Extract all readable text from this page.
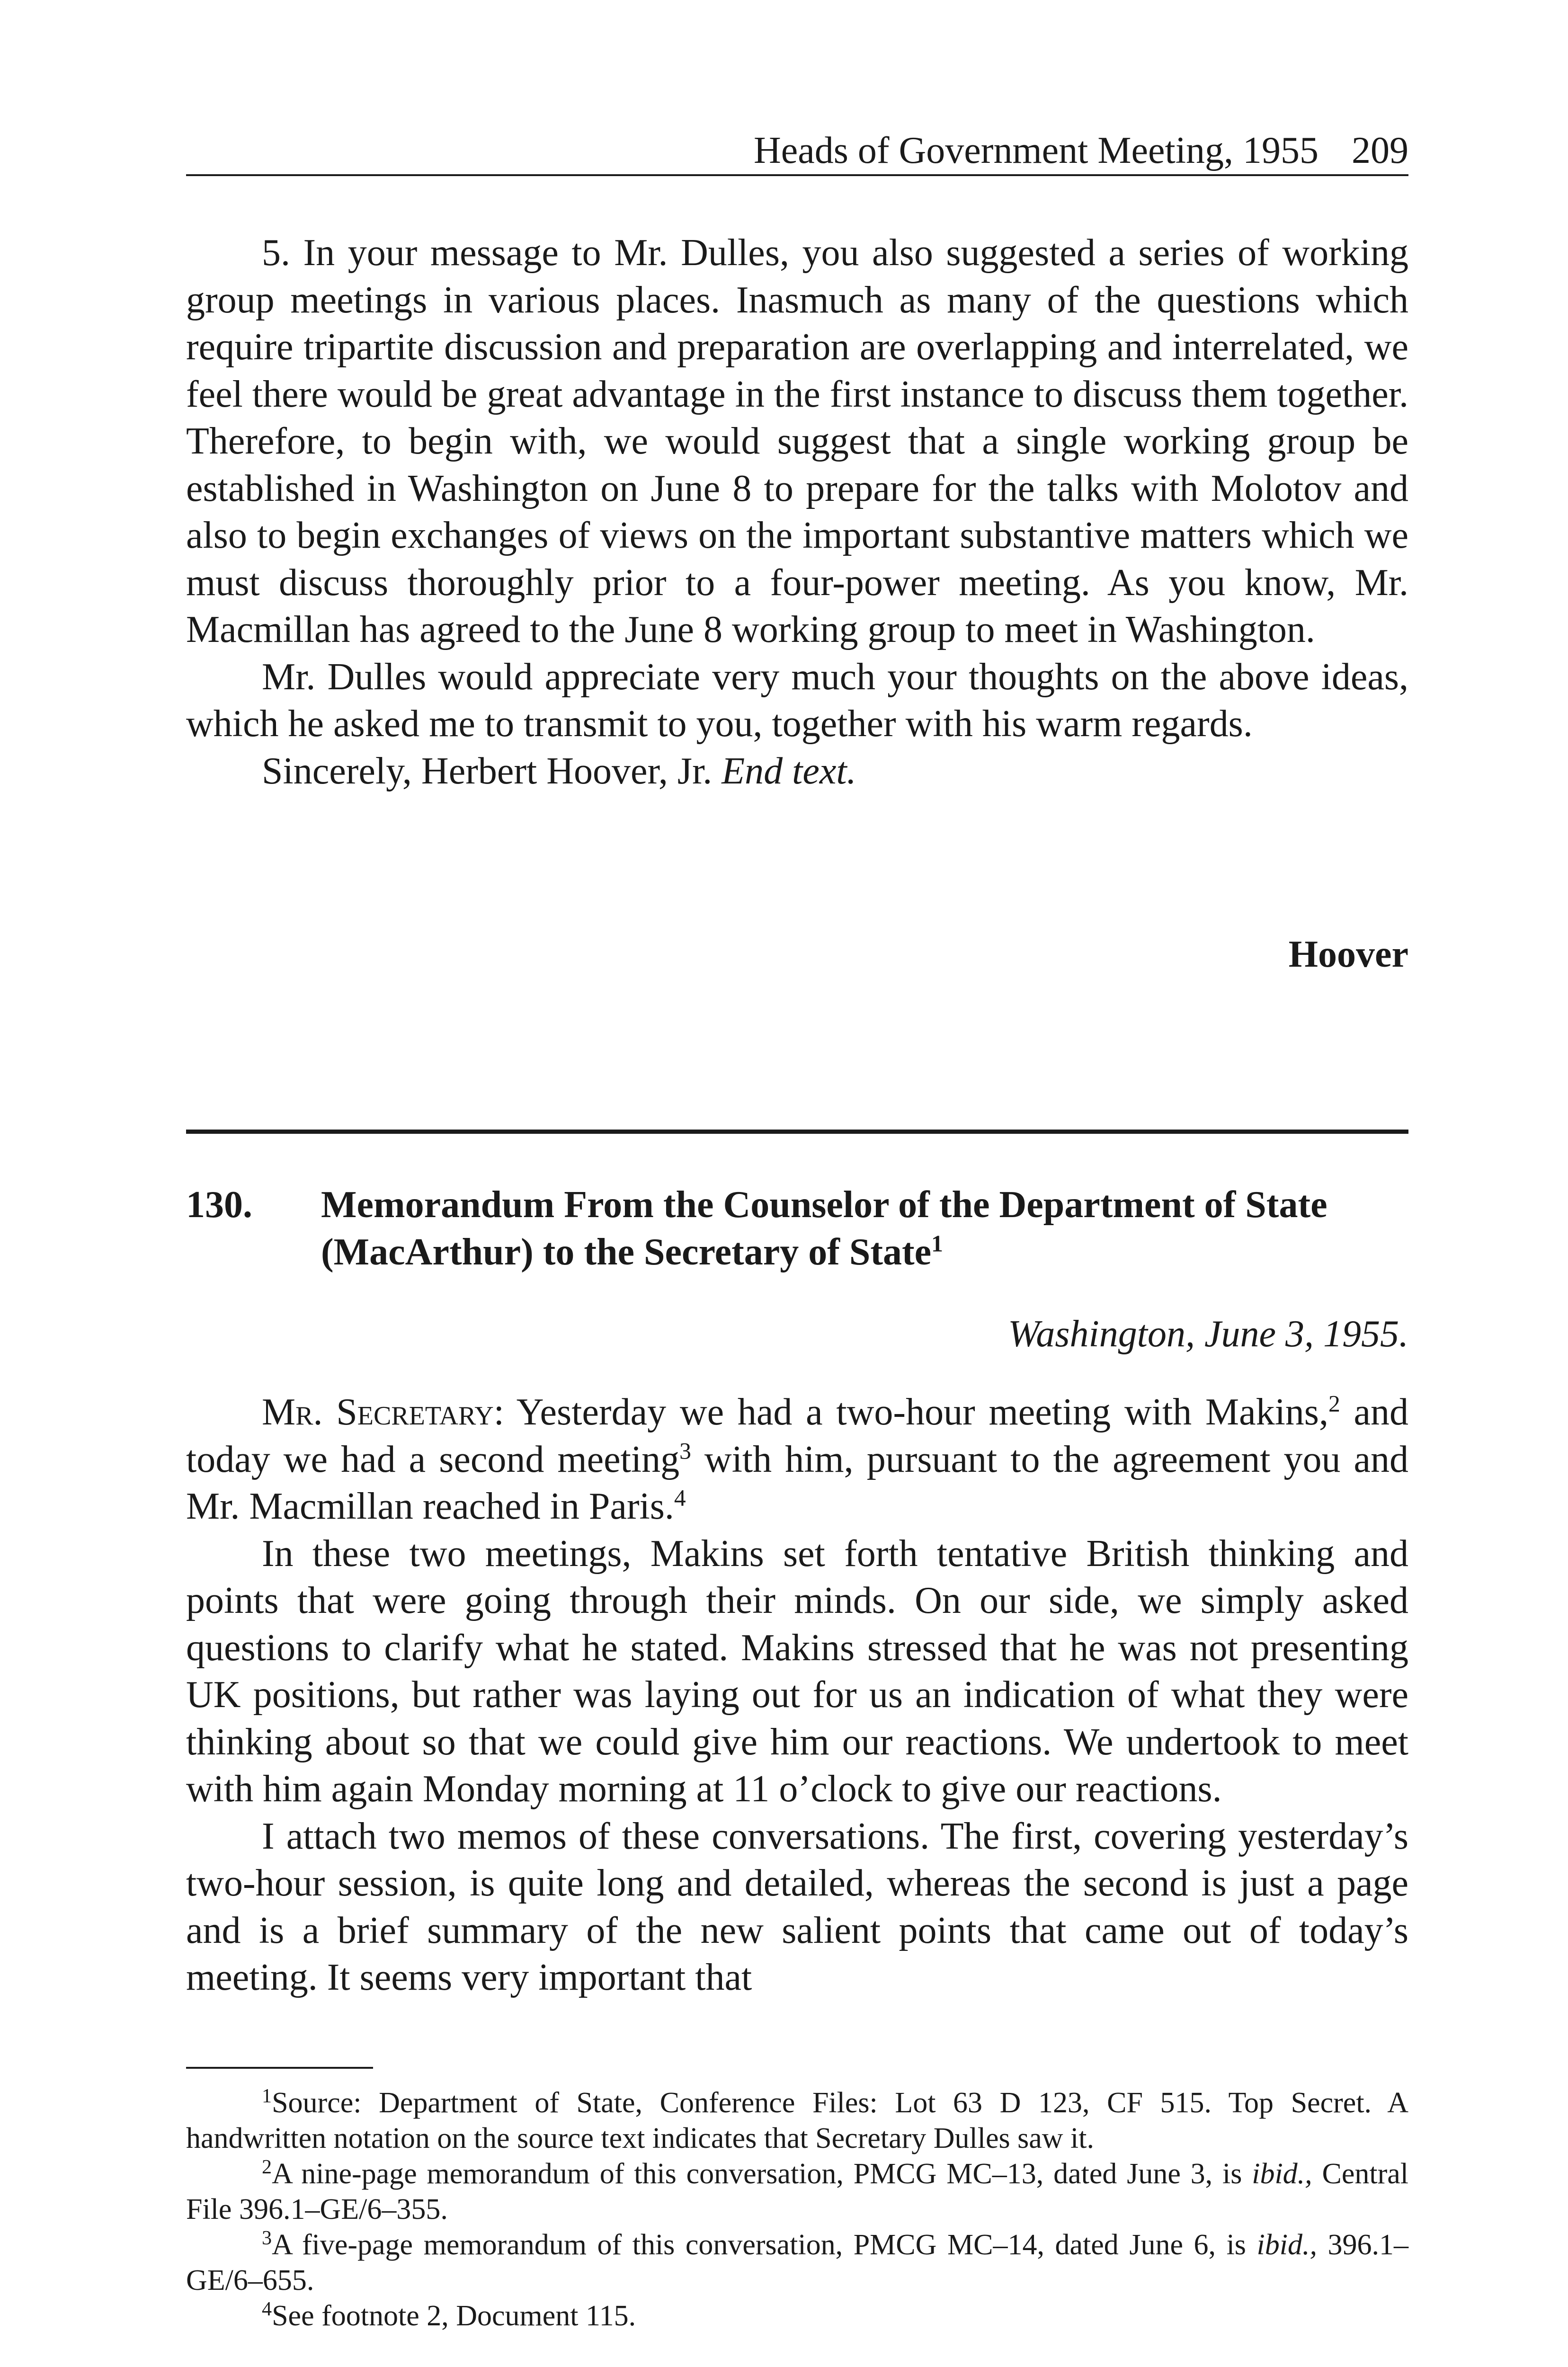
Heads of Government Meeting, 1955 209

5. In your message to Mr. Dulles, you also suggested a series of working group meetings in various places. Inasmuch as many of the questions which require tripartite discussion and preparation are overlapping and interrelated, we feel there would be great advantage in the first instance to discuss them together. Therefore, to begin with, we would suggest that a single working group be established in Washington on June 8 to prepare for the talks with Molotov and also to begin exchanges of views on the important substantive matters which we must discuss thoroughly prior to a four-power meeting. As you know, Mr. Macmillan has agreed to the June 8 working group to meet in Washington.

Mr. Dulles would appreciate very much your thoughts on the above ideas, which he asked me to transmit to you, together with his warm regards.

Sincerely, Herbert Hoover, Jr. End text.

Hoover
130. Memorandum From the Counselor of the Department of State (MacArthur) to the Secretary of State$^1$
Washington, June 3, 1955.

Mr. Secretary: Yesterday we had a two-hour meeting with Makins,$^2$ and today we had a second meeting$^3$ with him, pursuant to the agreement you and Mr. Macmillan reached in Paris.$^4$

In these two meetings, Makins set forth tentative British thinking and points that were going through their minds. On our side, we simply asked questions to clarify what he stated. Makins stressed that he was not presenting UK positions, but rather was laying out for us an indication of what they were thinking about so that we could give him our reactions. We undertook to meet with him again Monday morning at 11 o’clock to give our reactions.

I attach two memos of these conversations. The first, covering yesterday’s two-hour session, is quite long and detailed, whereas the second is just a page and is a brief summary of the new salient points that came out of today’s meeting. It seems very important that

$^1$Source: Department of State, Conference Files: Lot 63 D 123, CF 515. Top Secret. A handwritten notation on the source text indicates that Secretary Dulles saw it.

$^2$A nine-page memorandum of this conversation, PMCG MC–13, dated June 3, is ibid., Central File 396.1–GE/6–355.

$^3$A five-page memorandum of this conversation, PMCG MC–14, dated June 6, is ibid., 396.1–GE/6–655.

$^4$See footnote 2, Document 115.
